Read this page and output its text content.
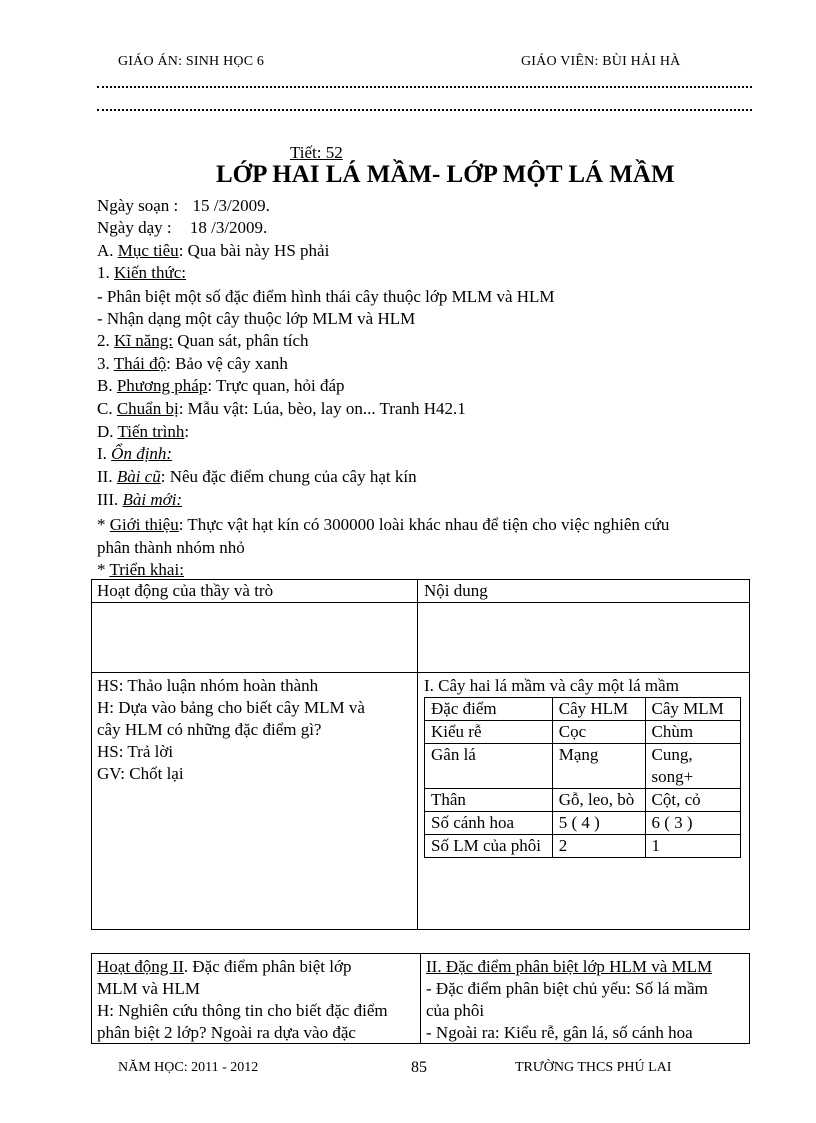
GIÁO ÁN: SINH HỌC 6	GIÁO VIÊN: BÙI HẢI HÀ
Tiết: 52
LỚP HAI LÁ MẦM- LỚP MỘT LÁ MẦM
Ngày soạn : 15 /3/2009.
Ngày dạy : 18 /3/2009.
A. Mục tiêu: Qua bài này HS phải
1. Kiến thức:
- Phân biệt một số đặc điểm hình thái cây thuộc lớp MLM và HLM
- Nhận dạng một cây thuộc lớp MLM và HLM
2. Kĩ năng: Quan sát, phân tích
3. Thái độ: Bảo vệ cây xanh
B. Phương pháp: Trực quan, hỏi đáp
C. Chuẩn bị: Mẫu vật: Lúa, bèo, lay on... Tranh H42.1
D. Tiến trình:
I. Ổn định:
II. Bài cũ: Nêu đặc điểm chung của cây hạt kín
III. Bài mới:
* Giới thiệu: Thực vật hạt kín có 300000 loài khác nhau để tiện cho việc nghiên cứu
phân thành nhóm nhỏ
* Triển khai:
Hoạt động của thầy và trò	Nội dung
HS: Thảo luận nhóm hoàn thành
H: Dựa vào bảng cho biết cây MLM và
cây HLM có những đặc điểm gì?
HS: Trả lời
GV: Chốt lại
I. Cây hai lá mầm và cây một lá mầm
Đặc điểm	Cây HLM	Cây MLM
Kiểu rễ	Cọc	Chùm
Gân lá	Mạng	Cung,
song+

Thân	Gỗ, leo, bò	Cột, cỏ
Số cánh hoa	5 ( 4 )	6 ( 3 )
Số LM của phôi	2	1
Hoạt động II. Đặc điểm phân biệt lớp
MLM và HLM
H: Nghiên cứu thông tin cho biết đặc điểm
phân biệt 2 lớp? Ngoài ra dựa vào đặc
II. Đặc điểm phân biệt lớp HLM và MLM
- Đặc điểm phân biệt chủ yếu: Số lá mầm
của phôi
- Ngoài ra: Kiểu rễ, gân lá, số cánh hoa
NĂM HỌC: 2011 - 2012	85	TRƯỜNG THCS PHÚ LAI
